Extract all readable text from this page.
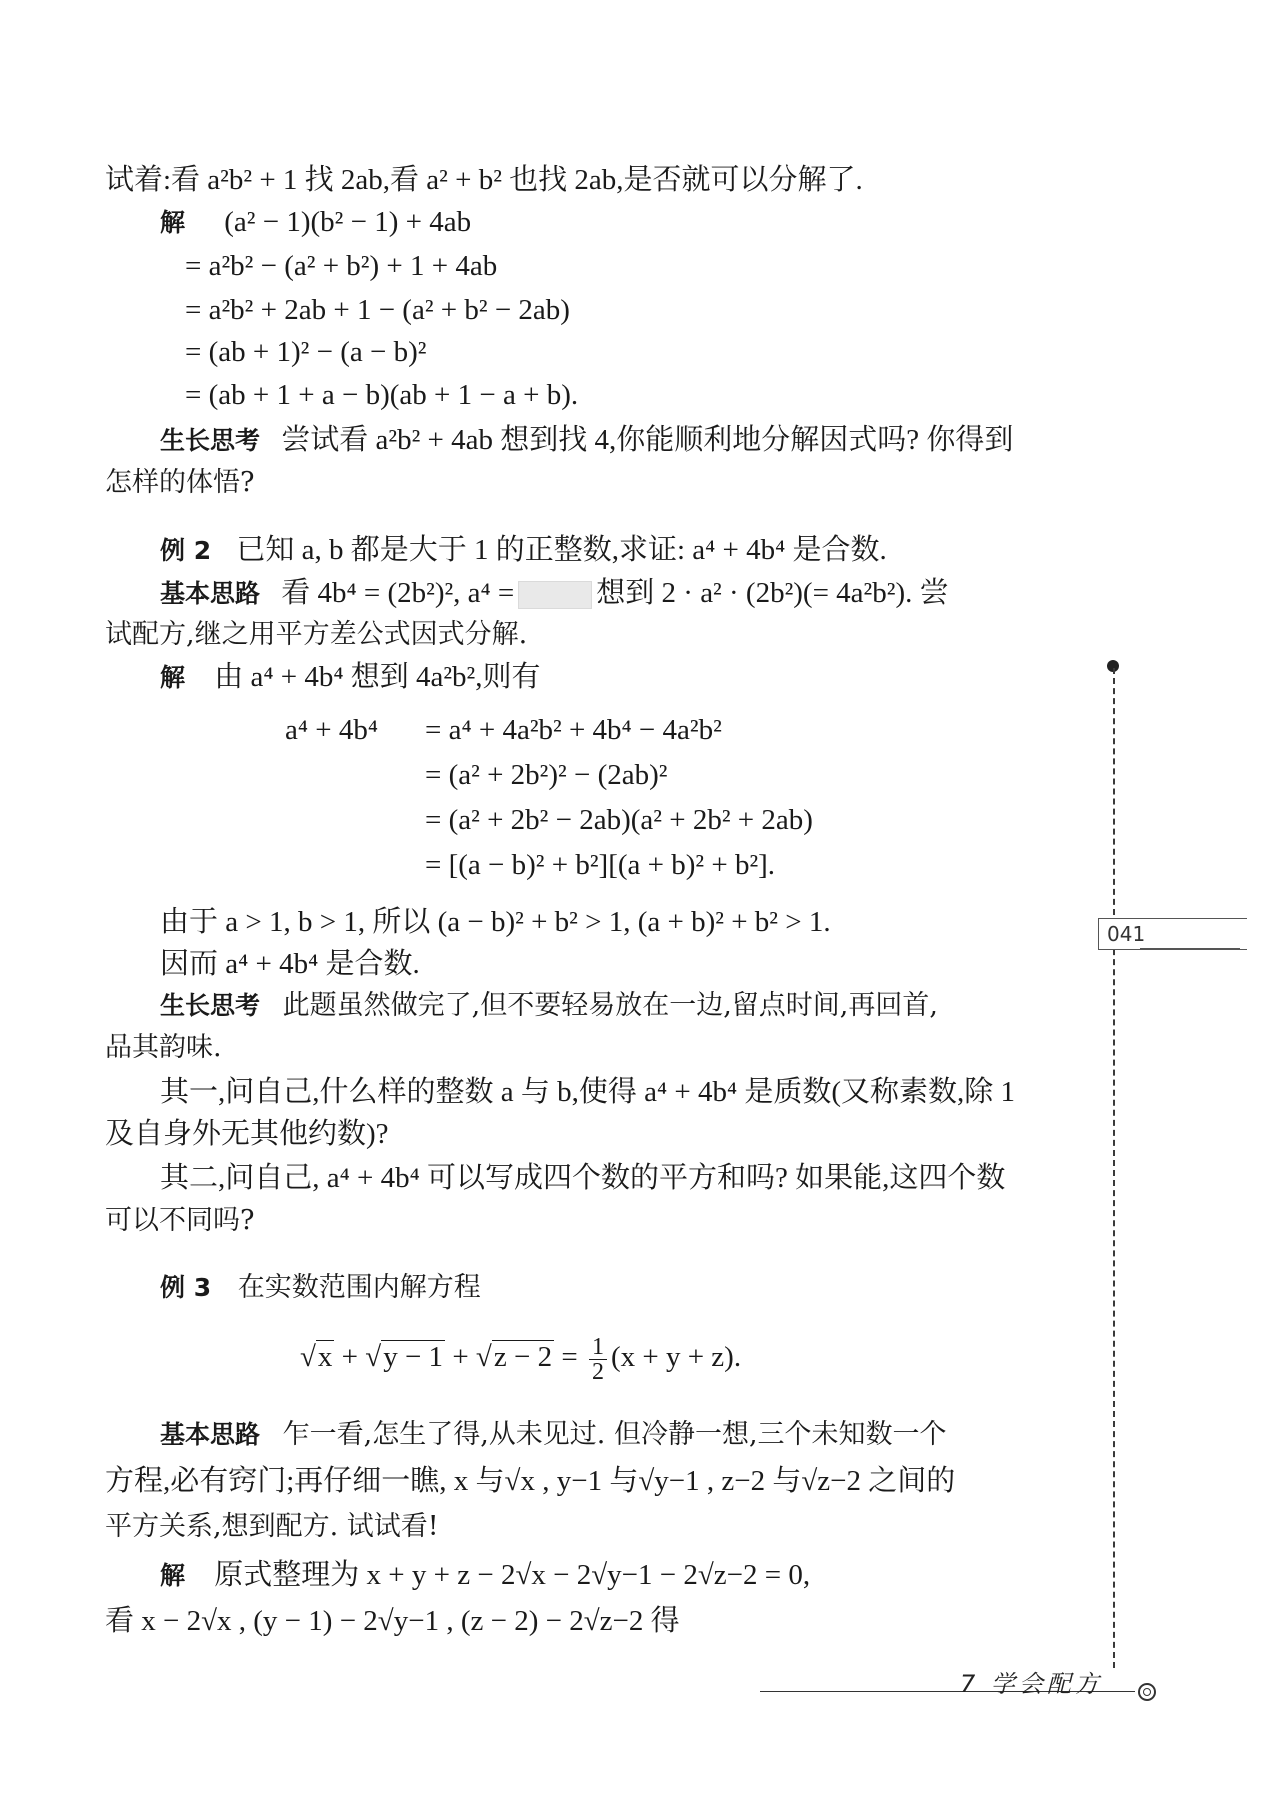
试着:看 a²b² + 1 找 2ab,看 a² + b² 也找 2ab,是否就可以分解了.
解 (a² − 1)(b² − 1) + 4ab
= a²b² − (a² + b²) + 1 + 4ab
= a²b² + 2ab + 1 − (a² + b² − 2ab)
= (ab + 1)² − (a − b)²
= (ab + 1 + a − b)(ab + 1 − a + b).
生长思考 尝试看 a²b² + 4ab 想到找 4,你能顺利地分解因式吗? 你得到
怎样的体悟?
例 2 已知 a, b 都是大于 1 的正整数,求证: a⁴ + 4b⁴ 是合数.
基本思路 看 4b⁴ = (2b²)², a⁴ =	想到 2 · a² · (2b²)(= 4a²b²). 尝
试配方,继之用平方差公式因式分解.
解 由 a⁴ + 4b⁴ 想到 4a²b²,则有
a⁴ + 4b⁴ = a⁴ + 4a²b² + 4b⁴ − 4a²b²
= (a² + 2b²)² − (2ab)²
= (a² + 2b² − 2ab)(a² + 2b² + 2ab)
= [(a − b)² + b²][(a + b)² + b²].
由于 a > 1, b > 1, 所以 (a − b)² + b² > 1, (a + b)² + b² > 1.
因而 a⁴ + 4b⁴ 是合数.
生长思考 此题虽然做完了,但不要轻易放在一边,留点时间,再回首,
品其韵味.
其一,问自己,什么样的整数 a 与 b,使得 a⁴ + 4b⁴ 是质数(又称素数,除 1
及自身外无其他约数)?
其二,问自己, a⁴ + 4b⁴ 可以写成四个数的平方和吗? 如果能,这四个数
可以不同吗?
例 3 在实数范围内解方程
$√x + √y - 1 + √z - 2 = \frac{1}{2} (x + y + z)$.
基本思路 乍一看,怎生了得,从未见过. 但冷静一想,三个未知数一个
方程,必有窍门;再仔细一瞧, x 与√x , y−1 与√y−1 , z−2 与√z−2 之间的
平方关系,想到配方. 试试看!
解 原式整理为 x + y + z − 2√x − 2√y−1 − 2√z−2 = 0,
看 x − 2√x , (y − 1) − 2√y−1 , (z − 2) − 2√z−2 得
041
7 学会配方
